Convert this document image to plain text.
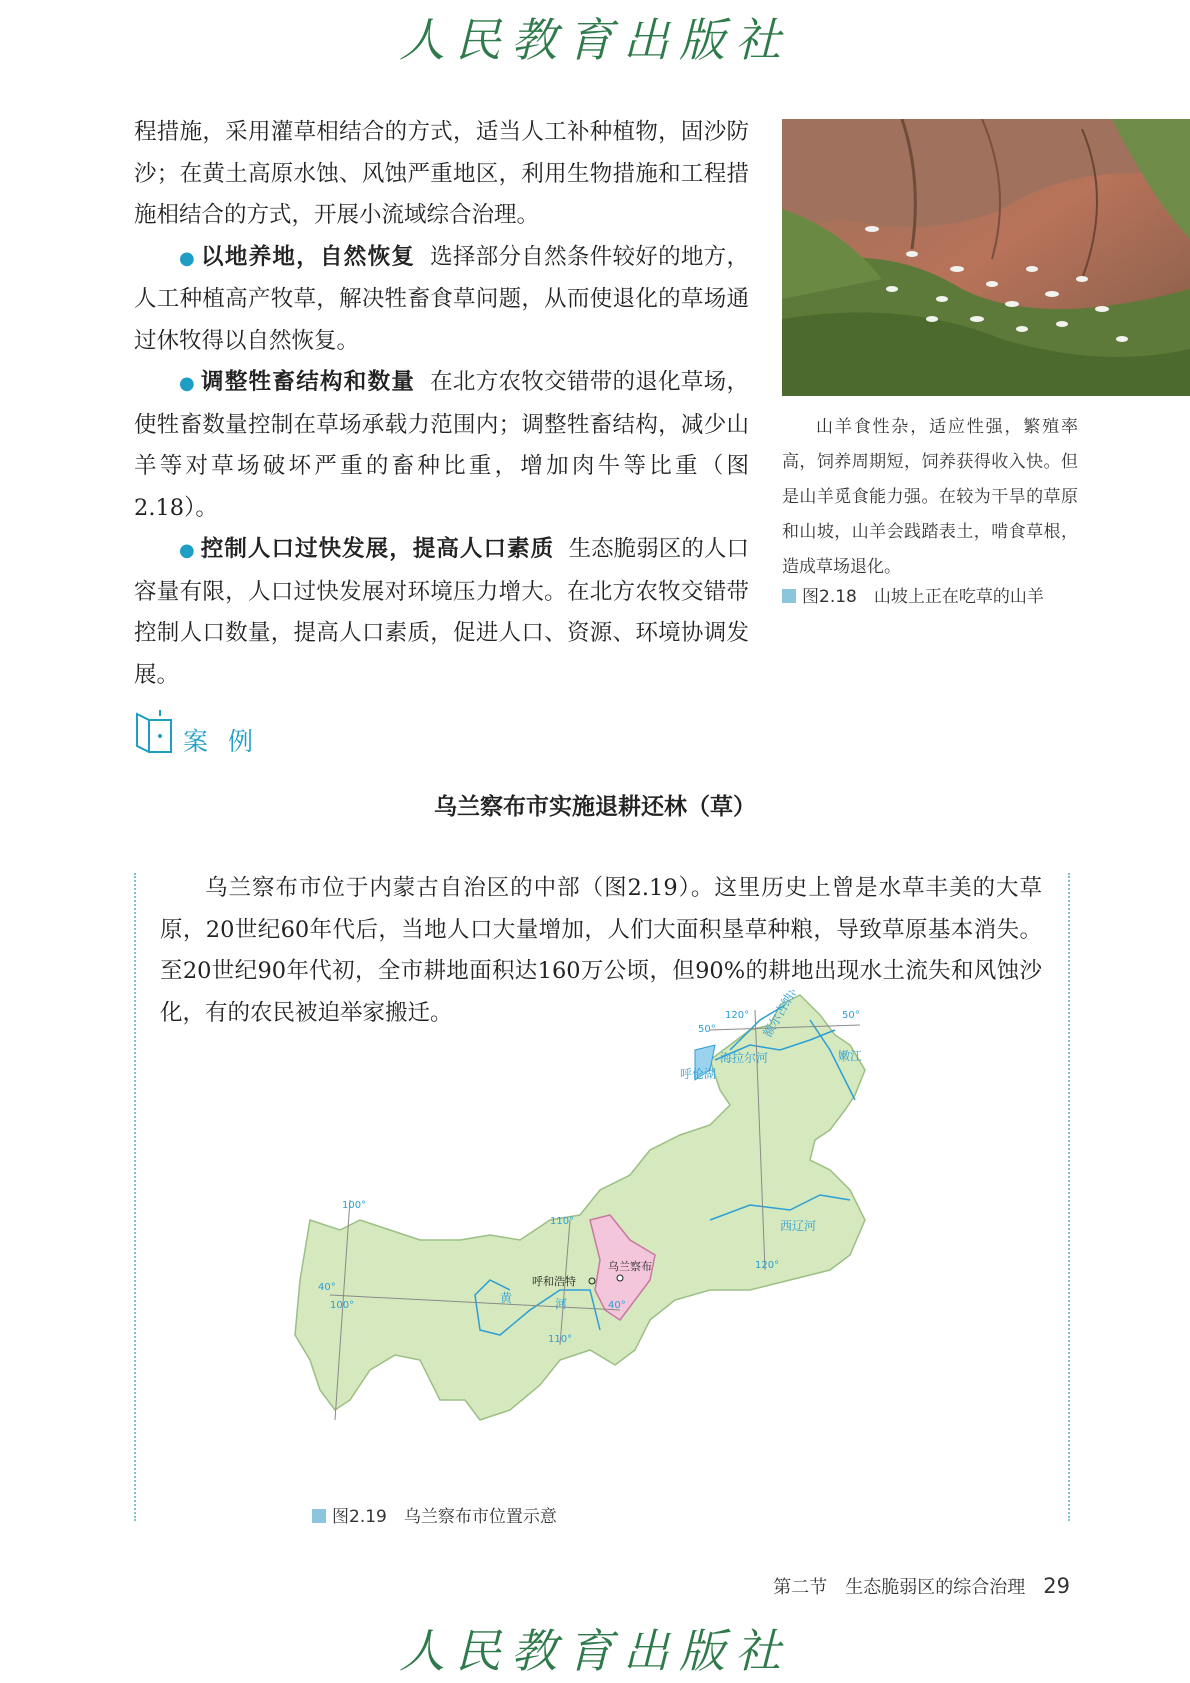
人民教育出版社

程措施，采用灌草相结合的方式，适当人工补种植物，固沙防沙；在黄土高原水蚀、风蚀严重地区，利用生物措施和工程措施相结合的方式，开展小流域综合治理。

● 以地养地，自然恢复 选择部分自然条件较好的地方，人工种植高产牧草，解决牲畜食草问题，从而使退化的草场通过休牧得以自然恢复。

● 调整牲畜结构和数量 在北方农牧交错带的退化草场，使牲畜数量控制在草场承载力范围内；调整牲畜结构，减少山羊等对草场破坏严重的畜种比重，增加肉牛等比重（图2.18）。

● 控制人口过快发展，提高人口素质 生态脆弱区的人口容量有限，人口过快发展对环境压力增大。在北方农牧交错带控制人口数量，提高人口素质，促进人口、资源、环境协调发展。

山羊食性杂，适应性强，繁殖率高，饲养周期短，饲养获得收入快。但是山羊觅食能力强。在较为干旱的草原和山坡，山羊会践踏表土，啃食草根，造成草场退化。

图2.18　山坡上正在吃草的山羊
案 例
乌兰察布市实施退耕还林（草）

乌兰察布市位于内蒙古自治区的中部（图2.19）。这里历史上曾是水草丰美的大草原，20世纪60年代后，当地人口大量增加，人们大面积垦草种粮，导致草原基本消失。至20世纪90年代初，全市耕地面积达160万公顷，但90%的耕地出现水土流失和风蚀沙化，有的农民被迫举家搬迁。

100°
100°
110°
110°
120°
120°
40°
40°
50°
50°
额尔古纳河
嫩江
海拉尔河
呼伦湖
西辽河
黄	河
呼和浩特
乌兰察布
图2.19　乌兰察布市位置示意
第二节　生态脆弱区的综合治理 29
人民教育出版社
